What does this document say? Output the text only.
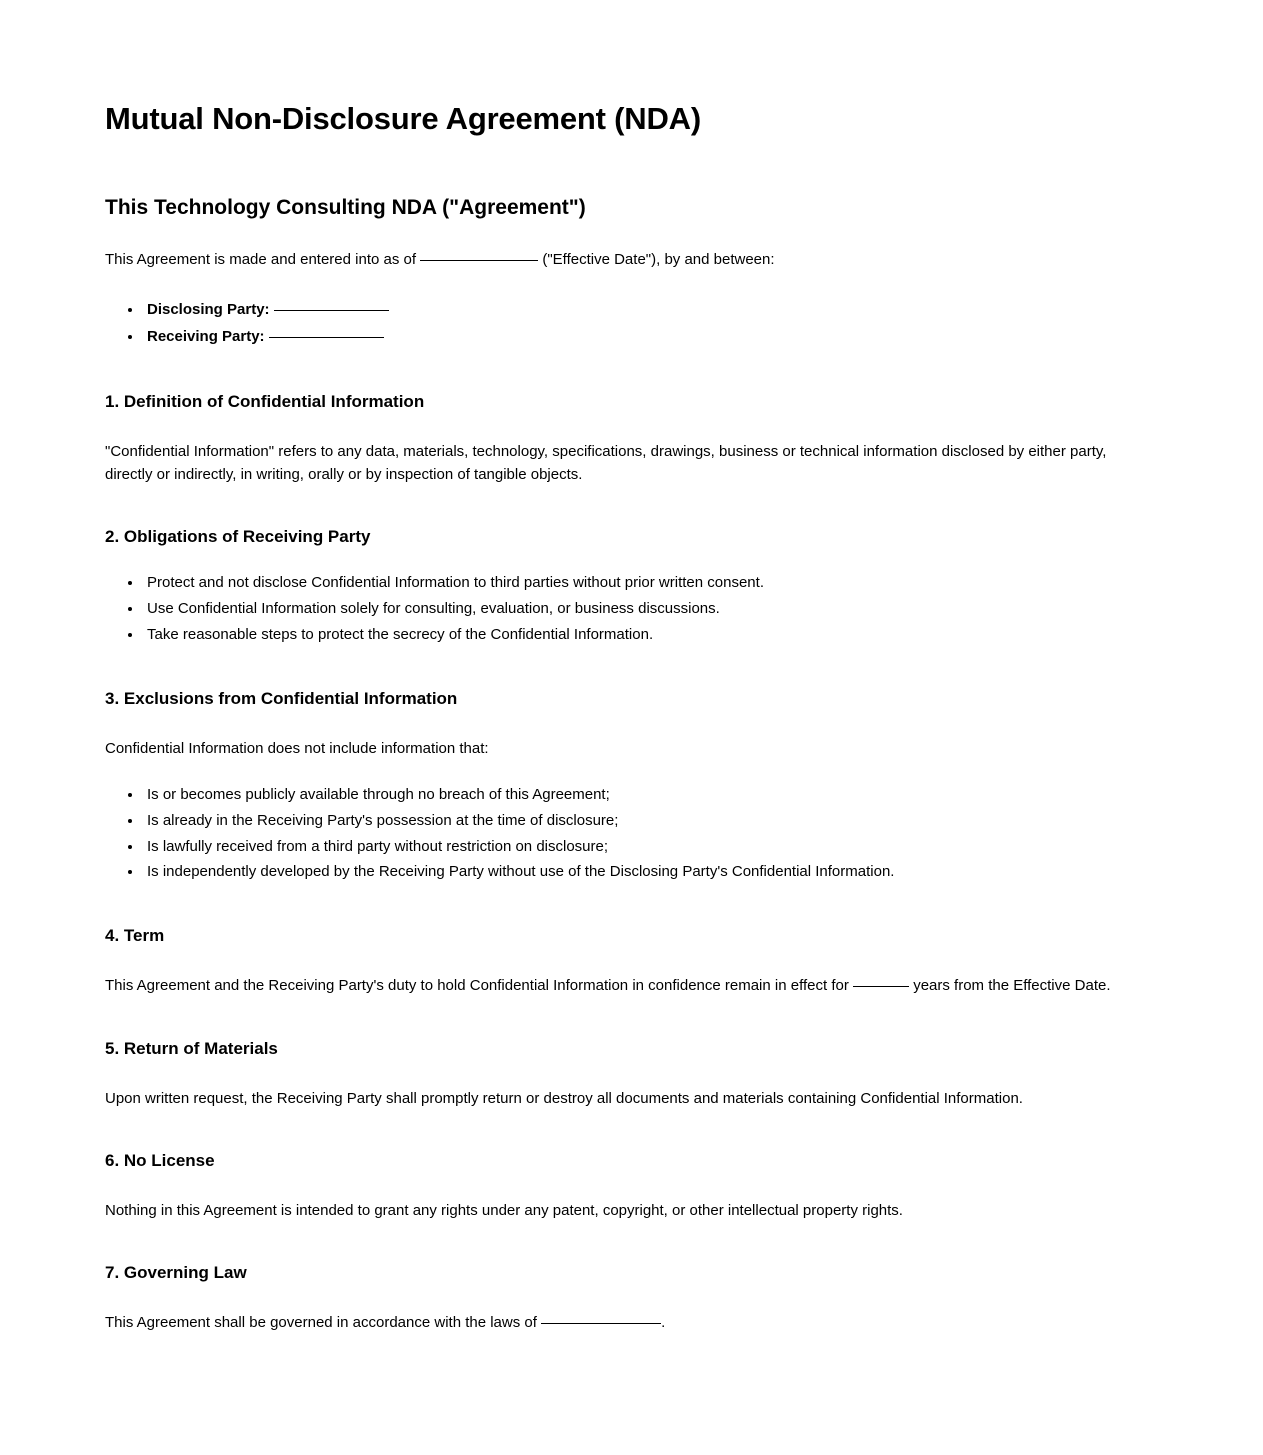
Mutual Non-Disclosure Agreement (NDA)
This Technology Consulting NDA ("Agreement")

This Agreement is made and entered into as of	("Effective Date"), by and between:

• Disclosing Party:
• Receiving Party:
1. Definition of Confidential Information

"Confidential Information" refers to any data, materials, technology, specifications, drawings, business or technical information disclosed by either party, directly or indirectly, in writing, orally or by inspection of tangible objects.

2. Obligations of Receiving Party
• Protect and not disclose Confidential Information to third parties without prior written consent.
• Use Confidential Information solely for consulting, evaluation, or business discussions.
• Take reasonable steps to protect the secrecy of the Confidential Information.
3. Exclusions from Confidential Information

Confidential Information does not include information that:

• Is or becomes publicly available through no breach of this Agreement;
• Is already in the Receiving Party's possession at the time of disclosure;
• Is lawfully received from a third party without restriction on disclosure;
• Is independently developed by the Receiving Party without use of the Disclosing Party's Confidential Information.
4. Term

This Agreement and the Receiving Party's duty to hold Confidential Information in confidence remain in effect for	years from the Effective Date.

5. Return of Materials

Upon written request, the Receiving Party shall promptly return or destroy all documents and materials containing Confidential Information.

6. No License

Nothing in this Agreement is intended to grant any rights under any patent, copyright, or other intellectual property rights.

7. Governing Law

This Agreement shall be governed in accordance with the laws of	.
